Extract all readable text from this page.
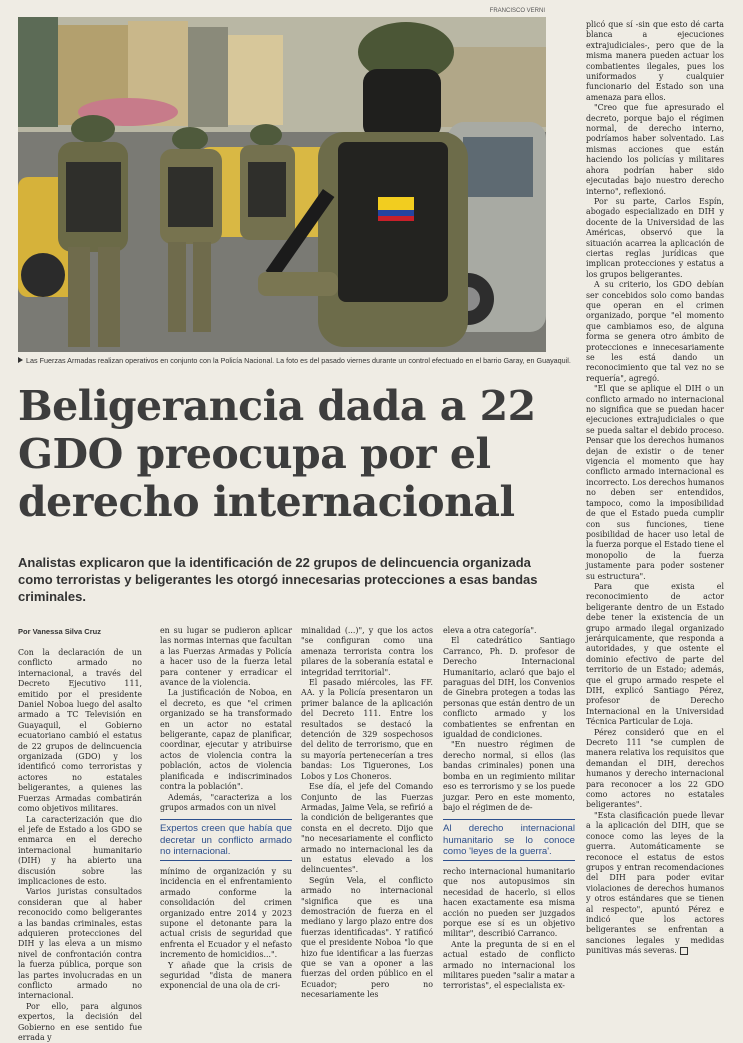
FRANCISCO VERNI
Las Fuerzas Armadas realizan operativos en conjunto con la Policía Nacional. La foto es del pasado viernes durante un control efectuado en el barrio Garay, en Guayaquil.
Beligerancia dada a 22
GDO preocupa por el
derecho internacional

Analistas explicaron que la identificación de 22 grupos de delincuencia organizada como terroristas y beligerantes les otorgó innecesarias protecciones a esas bandas criminales.

Por Vanessa Silva Cruz

Con la declaración de un conflicto armado no internacional, a través del Decreto Ejecutivo 111, emitido por el presidente Daniel Noboa luego del asalto armado a TC Televisión en Guayaquil, el Gobierno ecuatoriano cambió el estatus de 22 grupos de delincuencia organizada (GDO) y los identificó como terroristas y actores no estatales beligerantes, a quienes las Fuerzas Armadas combatirán como objetivos militares.

La caracterización que dio el jefe de Estado a los GDO se enmarca en el derecho internacional humanitario (DIH) y ha abierto una discusión sobre las implicaciones de esto.

Varios juristas consultados consideran que al haber reconocido como beligerantes a las bandas criminales, estas adquieren protecciones del DIH y las eleva a un mismo nivel de confrontación contra la fuerza pública, porque son las partes involucradas en un conflicto armado no internacional.

Por ello, para algunos expertos, la decisión del Gobierno en ese sentido fue errada y

en su lugar se pudieron aplicar las normas internas que facultan a las Fuerzas Armadas y Policía a hacer uso de la fuerza letal para contener y erradicar el avance de la violencia.

La justificación de Noboa, en el decreto, es que "el crimen organizado se ha transformado en un actor no estatal beligerante, capaz de planificar, coordinar, ejecutar y atribuirse actos de violencia contra la población, actos de violencia planificada e indiscriminados contra la población".

Además, "caracteriza a los grupos armados con un nivel

Expertos creen que había que decretar un conflicto armado no internacional.

mínimo de organización y su incidencia en el enfrentamiento armado conforme la consolidación del crimen organizado entre 2014 y 2023 supone el detonante para la actual crisis de seguridad que enfrenta el Ecuador y el nefasto incremento de homicidios...".

Y añade que la crisis de seguridad "dista de manera exponencial de una ola de cri-

minalidad (...)", y que los actos "se configuran como una amenaza terrorista contra los pilares de la soberanía estatal e integridad territorial".

El pasado miércoles, las FF. AA. y la Policía presentaron un primer balance de la aplicación del Decreto 111. Entre los resultados se destacó la detención de 329 sospechosos del delito de terrorismo, que en su mayoría pertenecerían a tres bandas: Los Tiguerones, Los Lobos y Los Choneros.

Ese día, el jefe del Comando Conjunto de las Fuerzas Armadas, Jaime Vela, se refirió a la condición de beligerantes que consta en el decreto. Dijo que "no necesariamente el conflicto armado no internacional les da un estatus elevado a los delincuentes".

Según Vela, el conflicto armado no internacional "significa que es una demostración de fuerza en el mediano y largo plazo entre dos fuerzas identificadas". Y ratificó que el presidente Noboa "lo que hizo fue identificar a las fuerzas que se van a oponer a las fuerzas del orden público en el Ecuador; pero no necesariamente les

eleva a otra categoría".

El catedrático Santiago Carranco, Ph. D. profesor de Derecho Internacional Humanitario, aclaró que bajo el paraguas del DIH, los Convenios de Ginebra protegen a todas las personas que están dentro de un conflicto armado y los combatientes se enfrentan en igualdad de condiciones.

"En nuestro régimen de derecho normal, si ellos (las bandas criminales) ponen una bomba en un regimiento militar eso es terrorismo y se los puede juzgar. Pero en este momento, bajo el régimen de de-

Al derecho internacional humanitario se lo conoce como 'leyes de la guerra'.

recho internacional humanitario que nos autopusimos sin necesidad de hacerlo, si ellos hacen exactamente esa misma acción no pueden ser juzgados porque ese sí es un objetivo militar", describió Carranco.

Ante la pregunta de si en el actual estado de conflicto armado no internacional los militares pueden "salir a matar a terroristas", el especialista ex-

plicó que sí -sin que esto dé carta blanca a ejecuciones extrajudiciales-, pero que de la misma manera pueden actuar los combatientes ilegales, pues los uniformados y cualquier funcionario del Estado son una amenaza para ellos.

"Creo que fue apresurado el decreto, porque bajo el régimen normal, de derecho interno, podríamos haber solventado. Las mismas acciones que están haciendo los policías y militares ahora podrían haber sido ejecutadas bajo nuestro derecho interno", reflexionó.

Por su parte, Carlos Espín, abogado especializado en DIH y docente de la Universidad de las Américas, observó que la situación acarrea la aplicación de ciertas reglas jurídicas que implican protecciones y estatus a los grupos beligerantes.

A su criterio, los GDO debían ser concebidos solo como bandas que operan en el crimen organizado, porque "el momento que cambiamos eso, de alguna forma se genera otro ámbito de protecciones e innecesariamente se les está dando un reconocimiento que tal vez no se requería", agregó.

"El que se aplique el DIH o un conflicto armado no internacional no significa que se puedan hacer ejecuciones extrajudiciales o que se pueda saltar el debido proceso. Pensar que los derechos humanos dejan de existir o de tener vigencia el momento que hay conflicto armado internacional es incorrecto. Los derechos humanos no deben ser entendidos, tampoco, como la imposibilidad de que el Estado pueda cumplir con sus funciones, tiene posibilidad de hacer uso letal de la fuerza porque el Estado tiene el monopolio de la fuerza justamente para poder sostener su estructura".

Para que exista el reconocimiento de actor beligerante dentro de un Estado debe tener la existencia de un grupo armado ilegal organizado jerárquicamente, que responda a autoridades, y que ostente el dominio efectivo de parte del territorio de un Estado; además, que el grupo armado respete el DIH, explicó Santiago Pérez, profesor de Derecho Internacional en la Universidad Técnica Particular de Loja.

Pérez consideró que en el Decreto 111 "se cumplen de manera relativa los requisitos que demandan el DIH, derechos humanos y derecho internacional para reconocer a los 22 GDO como actores no estatales beligerantes".

"Esta clasificación puede llevar a la aplicación del DIH, que se conoce como las leyes de la guerra. Automáticamente se reconoce el estatus de estos grupos y entran recomendaciones del DIH para poder evitar violaciones de derechos humanos y otros estándares que se tienen al respecto", apuntó Pérez e indicó que los actores beligerantes se enfrentan a sanciones legales y medidas punitivas más severas.
